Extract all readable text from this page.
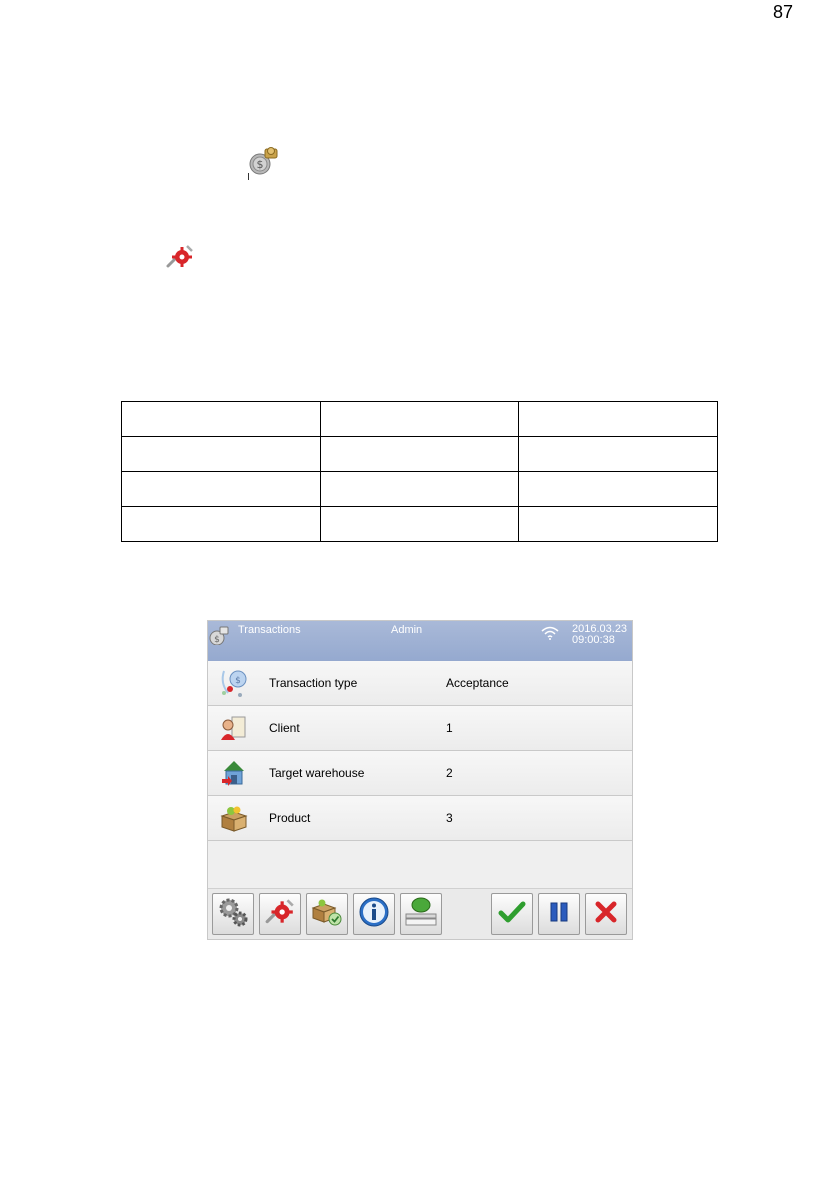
87
$

$
Transactions	Admin	2016.03.23
09:00:38
$ Transaction type	Acceptance
Client	1
Target warehouse	2
Product	3
